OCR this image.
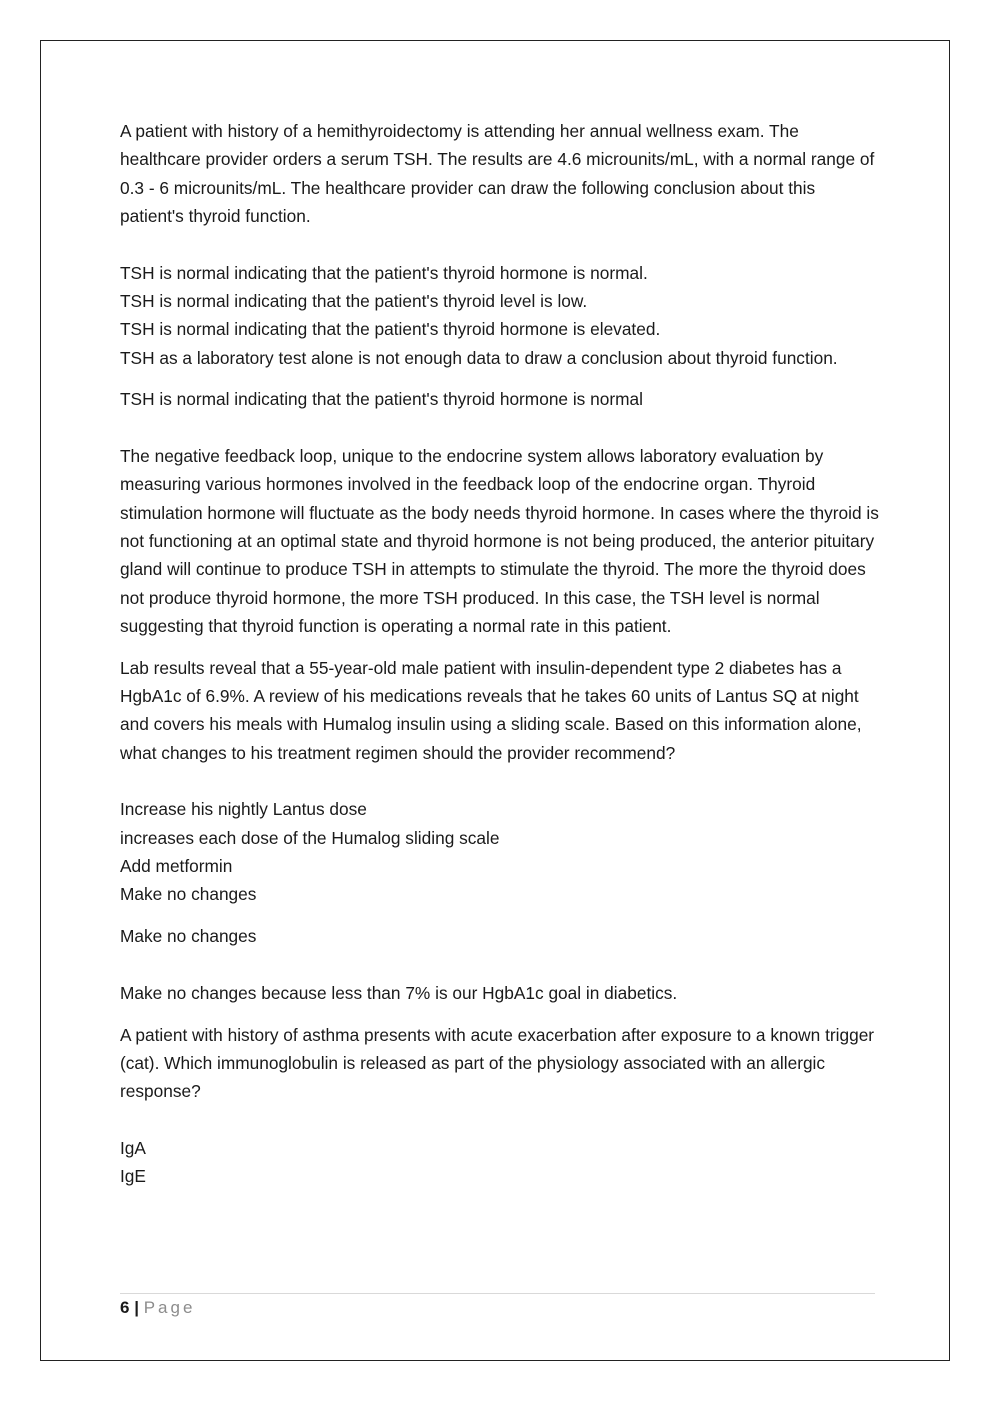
A patient with history of a hemithyroidectomy is attending her annual wellness exam. The healthcare provider orders a serum TSH. The results are 4.6 microunits/mL, with a normal range of 0.3 - 6 microunits/mL. The healthcare provider can draw the following conclusion about this patient's thyroid function.

TSH is normal indicating that the patient's thyroid hormone is normal.
TSH is normal indicating that the patient's thyroid level is low.
TSH is normal indicating that the patient's thyroid hormone is elevated.
TSH as a laboratory test alone is not enough data to draw a conclusion about thyroid function.

TSH is normal indicating that the patient's thyroid hormone is normal

The negative feedback loop, unique to the endocrine system allows laboratory evaluation by measuring various hormones involved in the feedback loop of the endocrine organ. Thyroid stimulation hormone will fluctuate as the body needs thyroid hormone. In cases where the thyroid is not functioning at an optimal state and thyroid hormone is not being produced, the anterior pituitary gland will continue to produce TSH in attempts to stimulate the thyroid. The more the thyroid does not produce thyroid hormone, the more TSH produced. In this case, the TSH level is normal suggesting that thyroid function is operating a normal rate in this patient.

Lab results reveal that a 55-year-old male patient with insulin-dependent type 2 diabetes has a HgbA1c of 6.9%. A review of his medications reveals that he takes 60 units of Lantus SQ at night and covers his meals with Humalog insulin using a sliding scale. Based on this information alone, what changes to his treatment regimen should the provider recommend?

Increase his nightly Lantus dose
increases each dose of the Humalog sliding scale
Add metformin
Make no changes

Make no changes

Make no changes because less than 7% is our HgbA1c goal in diabetics.

A patient with history of asthma presents with acute exacerbation after exposure to a known trigger (cat). Which immunoglobulin is released as part of the physiology associated with an allergic response?

IgA
IgE
6 | Page
